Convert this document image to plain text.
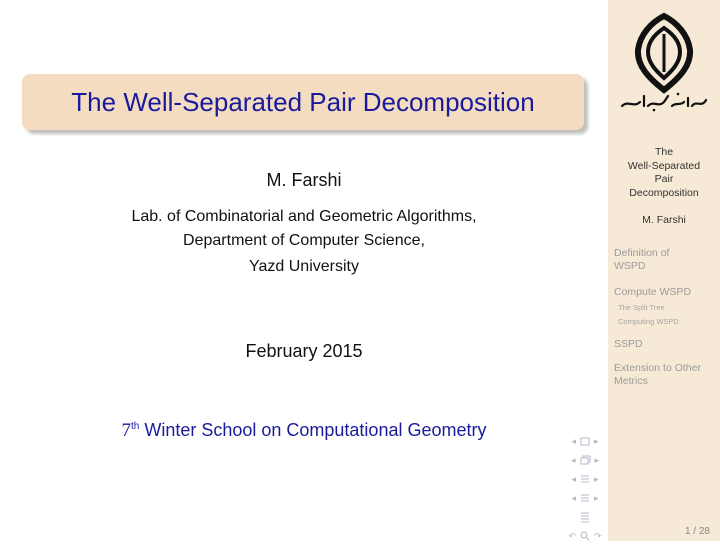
The Well-Separated Pair Decomposition
M. Farshi
Lab. of Combinatorial and Geometric Algorithms,
Department of Computer Science,
Yazd University
February 2015
7th Winter School on Computational Geometry
◂ ▸
◂ ▸
◂ ▸
◂ ▸
↶ ↷
The
Well-Separated
Pair
Decomposition
M. Farshi
Definition of
WSPD
Compute WSPD
The Split Tree
Computing WSPD
SSPD
Extension to Other
Metrics
1 / 28
